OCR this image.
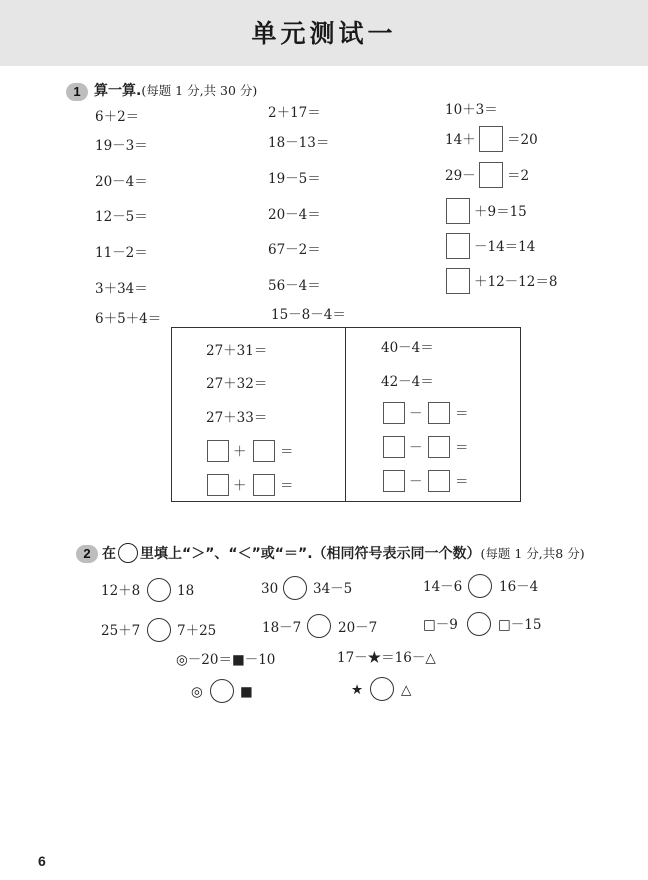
单元测试一
1 算一算.(每题 1 分,共 30 分)
6＋2＝
19－3＝
20－4＝
12－5＝
11－2＝
3＋34＝
6＋5＋4＝
2＋17＝
18－13＝
19－5＝
20－4＝
67－2＝
56－4＝
15－8－4＝
10＋3＝
14＋ ＝20
29－ ＝2
＋9＝15
－14＝14
＋12－12＝8
27＋31＝
27＋32＝
27＋33＝
＋ ＝
＋ ＝
40－4＝
42－4＝
－ ＝
－ ＝
－ ＝
2 在 里填上“＞”、“＜”或“＝”.（相同符号表示同一个数）(每题 1 分,共8 分)
12＋8	18	30	34－5	14－6	16－4
25＋7	7＋25	18－7	20－7	□－9	□－15
◎－20＝■－10	17－★＝16－△
◎	■	★	△
6
